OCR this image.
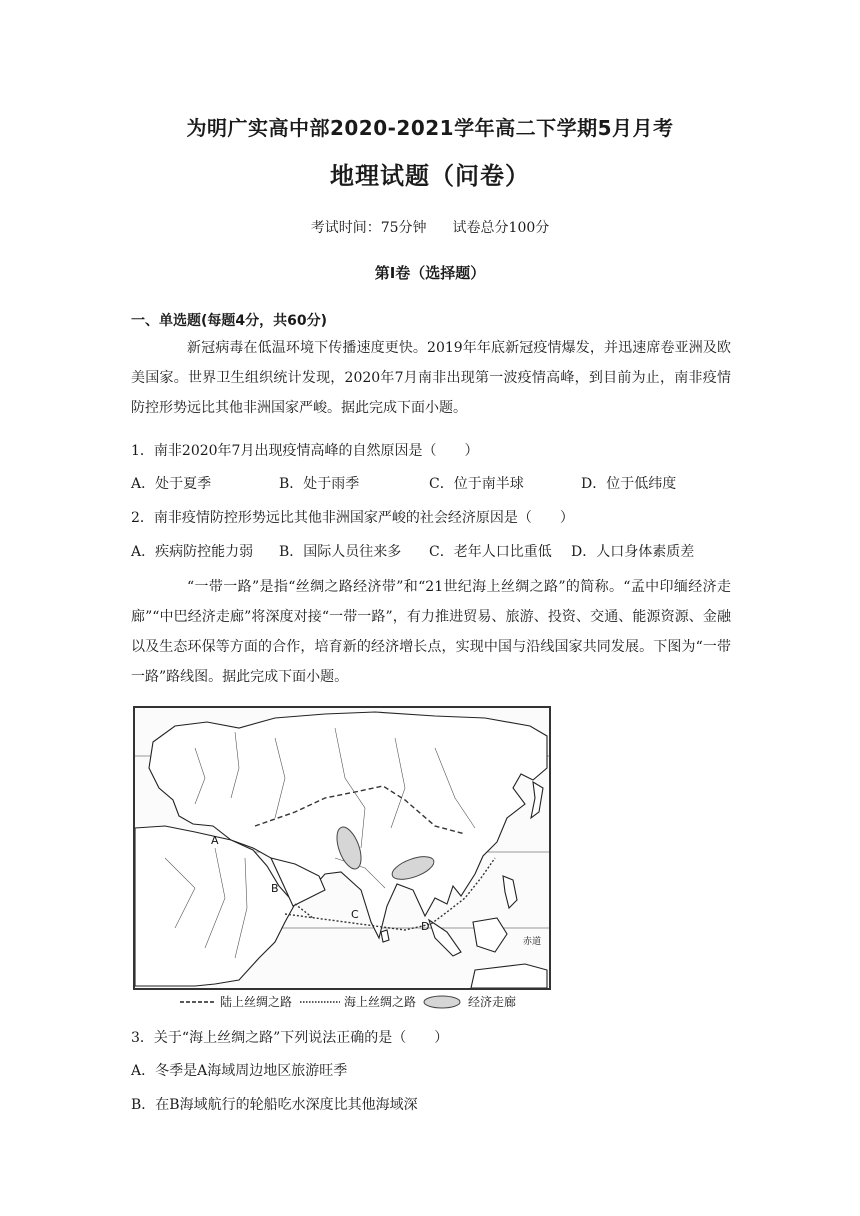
为明广实高中部2020-2021学年高二下学期5月月考
地理试题（问卷）
考试时间：75分钟 试卷总分100分
第Ⅰ卷（选择题）
一、单选题(每题4分，共60分)
新冠病毒在低温环境下传播速度更快。2019年年底新冠疫情爆发，并迅速席卷亚洲及欧美国家。世界卫生组织统计发现，2020年7月南非出现第一波疫情高峰，到目前为止，南非疫情防控形势远比其他非洲国家严峻。据此完成下面小题。
1．南非2020年7月出现疫情高峰的自然原因是（　　）
A．处于夏季	B．处于雨季	C．位于南半球	D．位于低纬度
2．南非疫情防控形势远比其他非洲国家严峻的社会经济原因是（　　）
A．疾病防控能力弱 B．国际人员往来多 C．老年人口比重低 D．人口身体素质差
“一带一路”是指“丝绸之路经济带”和“21世纪海上丝绸之路”的简称。“孟中印缅经济走廊”“中巴经济走廊”将深度对接“一带一路”，有力推进贸易、旅游、投资、交通、能源资源、金融以及生态环保等方面的合作，培育新的经济增长点，实现中国与沿线国家共同发展。下图为“一带一路”路线图。据此完成下面小题。
A
B
C
D
赤道
陆上丝绸之路	海上丝绸之路	经济走廊
3．关于“海上丝绸之路”下列说法正确的是（　　）
A．冬季是A海域周边地区旅游旺季
B．在B海域航行的轮船吃水深度比其他海域深
